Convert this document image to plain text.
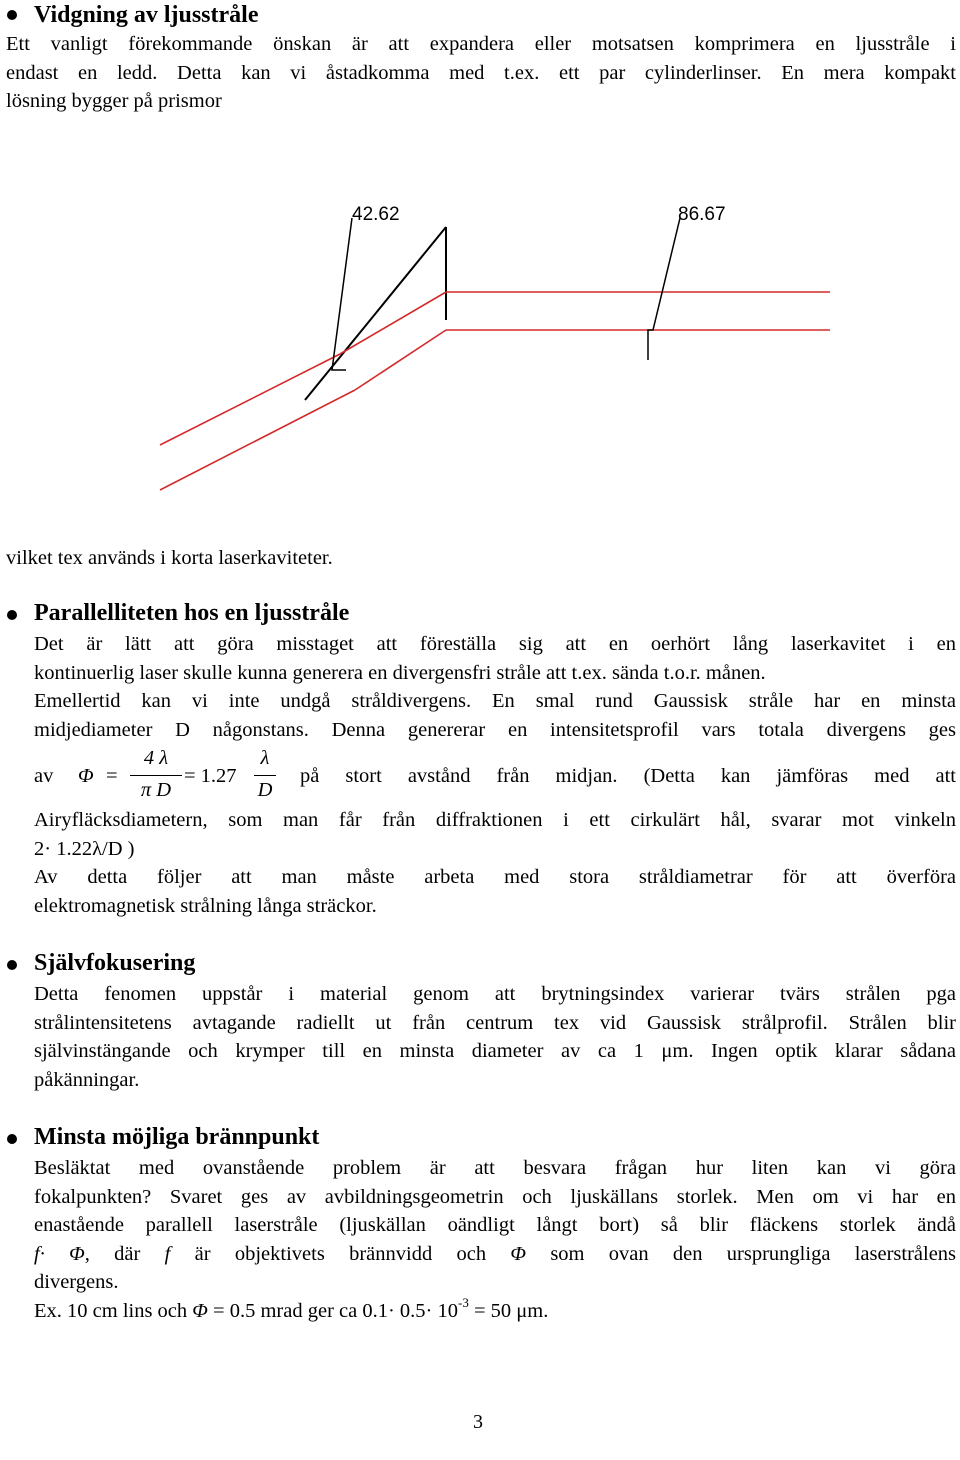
Vidgning av ljusstråle
Ett vanligt förekommande önskan är att expandera eller motsatsen komprimera en ljusstråle i
endast en ledd. Detta kan vi åstadkomma med t.ex. ett par cylinderlinser. En mera kompakt
lösning bygger på prismor
42.62	86.67
vilket tex används i korta laserkaviteter.
Parallelliteten hos en ljusstråle
Det är lätt att göra misstaget att föreställa sig att en oerhört lång laserkavitet i en
kontinuerlig laser skulle kunna generera en divergensfri stråle att t.ex. sända t.o.r. månen.
Emellertid kan vi inte undgå stråldivergens. En smal rund Gaussisk stråle har en minsta
midjediameter D någonstans. Denna genererar en intensitetsprofil vars totala divergens ges
av Φ =
4 λ
π D
= 1.27
λ
D
på stort avstånd från midjan. (Detta kan jämföras med att
Airyfläcksdiametern, som man får från diffraktionen i ett cirkulärt hål, svarar mot vinkeln
2· 1.22λ/D )
Av detta följer att man måste arbeta med stora stråldiametrar för att överföra
elektromagnetisk strålning långa sträckor.
Självfokusering
Detta fenomen uppstår i material genom att brytningsindex varierar tvärs strålen pga
strålintensitetens avtagande radiellt ut från centrum tex vid Gaussisk strålprofil. Strålen blir
självinstängande och krymper till en minsta diameter av ca 1 μm. Ingen optik klarar sådana
påkänningar.
Minsta möjliga brännpunkt
Besläktat med ovanstående problem är att besvara frågan hur liten kan vi göra
fokalpunkten? Svaret ges av avbildningsgeometrin och ljuskällans storlek. Men om vi har en
enastående parallell laserstråle (ljuskällan oändligt långt bort) så blir fläckens storlek ändå
f· Φ, där f är objektivets brännvidd och Φ som ovan den ursprungliga laserstrålens
divergens.
Ex. 10 cm lins och Φ = 0.5 mrad ger ca $0.1\cdot 0.5\cdot 10^{-3} = 50$ μm.
3
